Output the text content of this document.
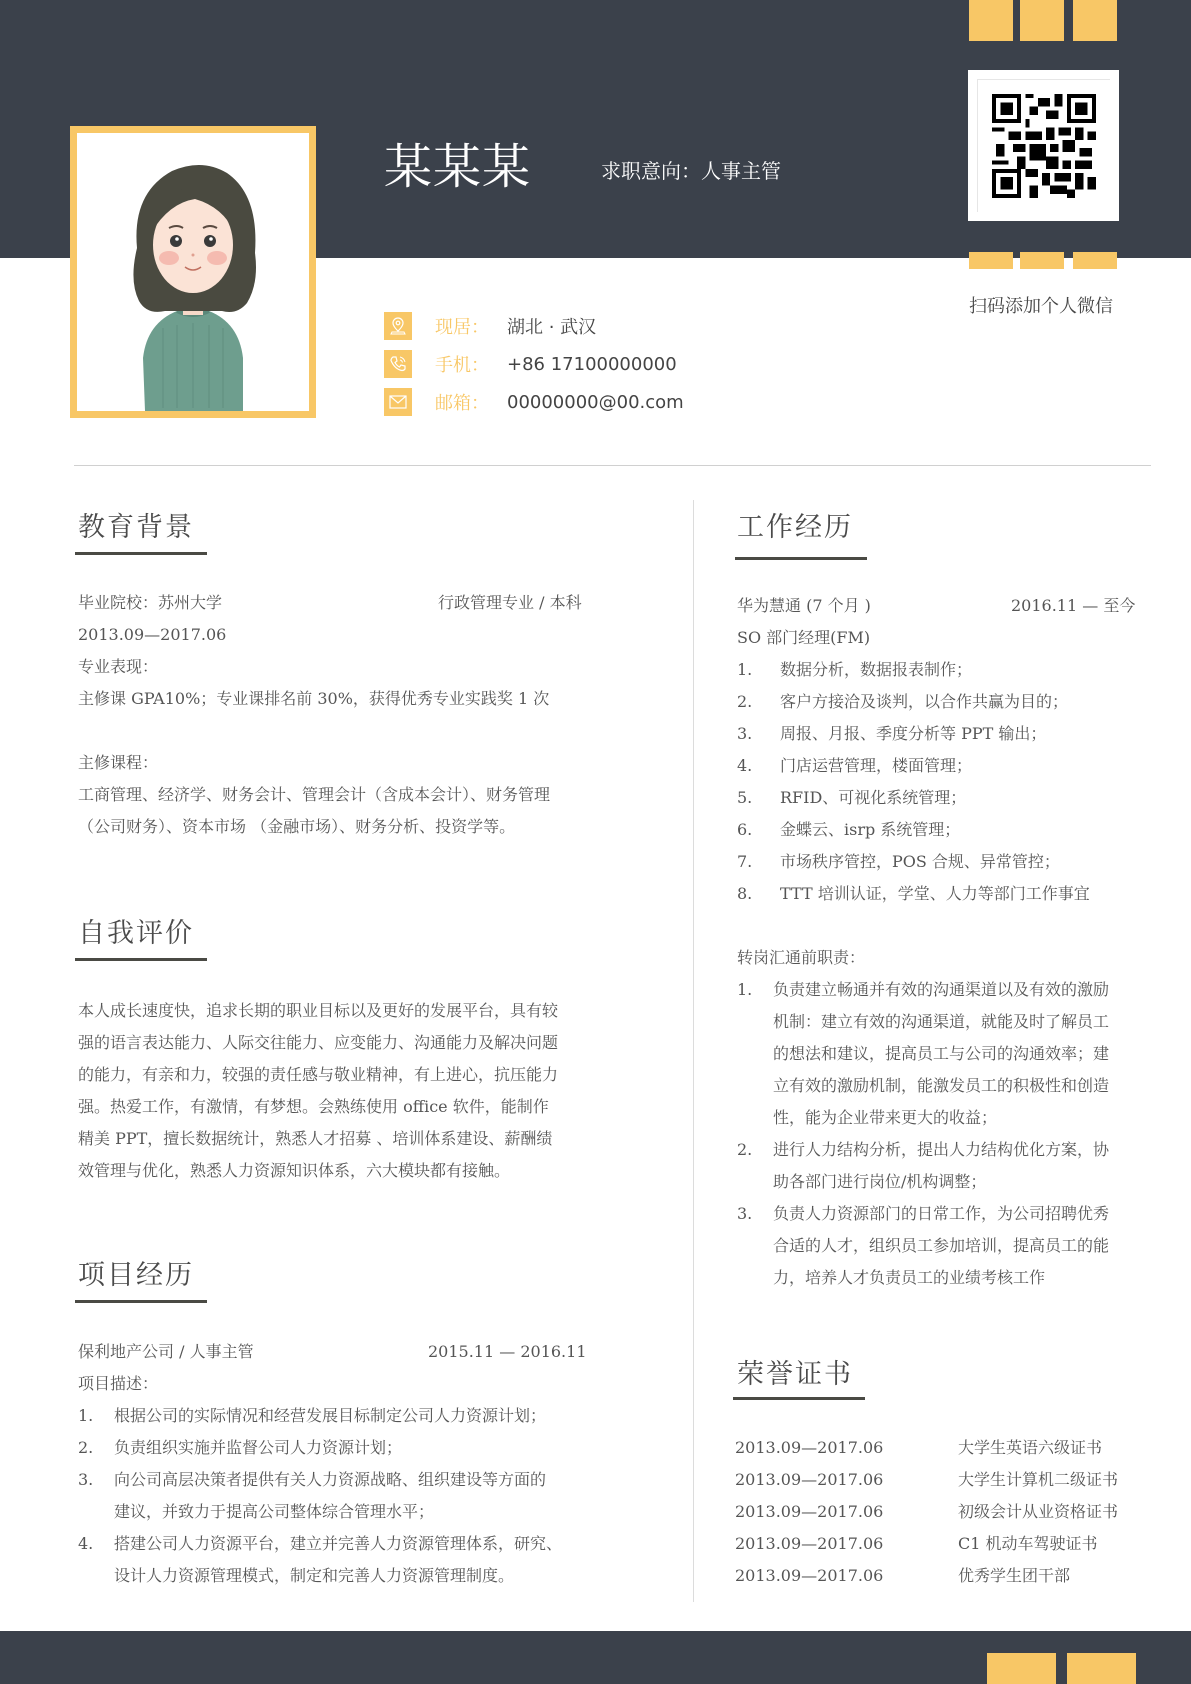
某某某	求职意向：人事主管
扫码添加个人微信
现居：	湖北 · 武汉
手机：	+86 17100000000
邮箱：	00000000@00.com
教育背景
毕业院校：苏州大学	行政管理专业 / 本科
2013.09—2017.06
专业表现：
主修课 GPA10%；专业课排名前 30%，获得优秀专业实践奖 1 次
主修课程：
工商管理、经济学、财务会计、管理会计（含成本会计）、财务管理
（公司财务）、资本市场 （金融市场）、财务分析、投资学等。
自我评价
本人成长速度快，追求长期的职业目标以及更好的发展平台，具有较
强的语言表达能力、人际交往能力、应变能力、沟通能力及解决问题
的能力，有亲和力，较强的责任感与敬业精神，有上进心，抗压能力
强。热爱工作，有激情，有梦想。会熟练使用 office 软件，能制作
精美 PPT，擅长数据统计，熟悉人才招募 、培训体系建设、薪酬绩
效管理与优化，熟悉人力资源知识体系，六大模块都有接触。
项目经历
保利地产公司 / 人事主管	2015.11 — 2016.11
项目描述：
1. 根据公司的实际情况和经营发展目标制定公司人力资源计划；
2. 负责组织实施并监督公司人力资源计划；
3. 向公司高层决策者提供有关人力资源战略、组织建设等方面的
建议，并致力于提高公司整体综合管理水平；
4. 搭建公司人力资源平台，建立并完善人力资源管理体系，研究、
设计人力资源管理模式，制定和完善人力资源管理制度。
工作经历
华为慧通 (7 个月 )	2016.11 — 至今
SO 部门经理(FM)
1. 数据分析，数据报表制作；
2. 客户方接洽及谈判，以合作共赢为目的；
3. 周报、月报、季度分析等 PPT 输出；
4. 门店运营管理，楼面管理；
5. RFID、可视化系统管理；
6. 金蝶云、isrp 系统管理；
7. 市场秩序管控，POS 合规、异常管控；
8. TTT 培训认证，学堂、人力等部门工作事宜
转岗汇通前职责：
1. 负责建立畅通并有效的沟通渠道以及有效的激励
机制：建立有效的沟通渠道，就能及时了解员工
的想法和建议，提高员工与公司的沟通效率；建
立有效的激励机制，能激发员工的积极性和创造
性，能为企业带来更大的收益；
2. 进行人力结构分析，提出人力结构优化方案，协
助各部门进行岗位/机构调整；
3. 负责人力资源部门的日常工作，为公司招聘优秀
合适的人才，组织员工参加培训，提高员工的能
力，培养人才负责员工的业绩考核工作
荣誉证书
2013.09—2017.06	大学生英语六级证书
2013.09—2017.06	大学生计算机二级证书
2013.09—2017.06	初级会计从业资格证书
2013.09—2017.06	C1 机动车驾驶证书
2013.09—2017.06	优秀学生团干部
